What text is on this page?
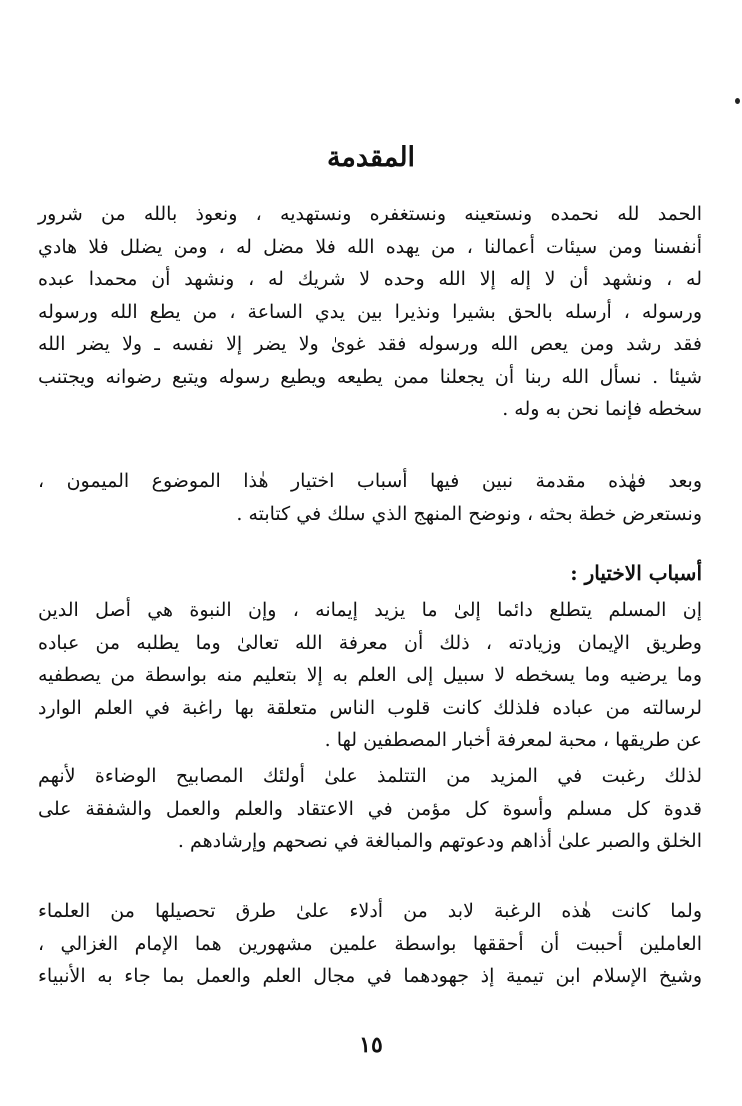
المقدمة
الحمد لله نحمده ونستعينه ونستغفره ونستهديه ، ونعوذ بالله من شرور
أنفسنا ومن سيئات أعمالنا ، من يهده الله فلا مضل له ، ومن يضلل فلا هادي
له ، ونشهد أن لا إله إلا الله وحده لا شريك له ، ونشهد أن محمدا عبده
ورسوله ، أرسله بالحق بشيرا ونذيرا بين يدي الساعة ، من يطع الله ورسوله
فقد رشد ومن يعص الله ورسوله فقد غوىٰ ولا يضر إلا نفسه ـ ولا يضر الله
شيئا . نسأل الله ربنا أن يجعلنا ممن يطيعه ويطيع رسوله ويتبع رضوانه ويجتنب
سخطه فإنما نحن به وله .
وبعد فهٰذه مقدمة نبين فيها أسباب اختيار هٰذا الموضوع الميمون ،
ونستعرض خطة بحثه ، ونوضح المنهج الذي سلك في كتابته .
أسباب الاختيار :
إن المسلم يتطلع دائما إلىٰ ما يزيد إيمانه ، وإن النبوة هي أصل الدين
وطريق الإيمان وزيادته ، ذلك أن معرفة الله تعالىٰ وما يطلبه من عباده
وما يرضيه وما يسخطه لا سبيل إلى العلم به إلا بتعليم منه بواسطة من يصطفيه
لرسالته من عباده فلذلك كانت قلوب الناس متعلقة بها راغبة في العلم الوارد
عن طريقها ، محبة لمعرفة أخبار المصطفين لها .
لذلك رغبت في المزيد من التتلمذ علىٰ أولئك المصابيح الوضاءة لأنهم
قدوة كل مسلم وأسوة كل مؤمن في الاعتقاد والعلم والعمل والشفقة على
الخلق والصبر علىٰ أذاهم ودعوتهم والمبالغة في نصحهم وإرشادهم .
ولما كانت هٰذه الرغبة لابد من أدلاء علىٰ طرق تحصيلها من العلماء
العاملين أحببت أن أحققها بواسطة علمين مشهورين هما الإمام الغزالي ،
وشيخ الإسلام ابن تيمية إذ جهودهما في مجال العلم والعمل بما جاء به الأنبياء
١٥
